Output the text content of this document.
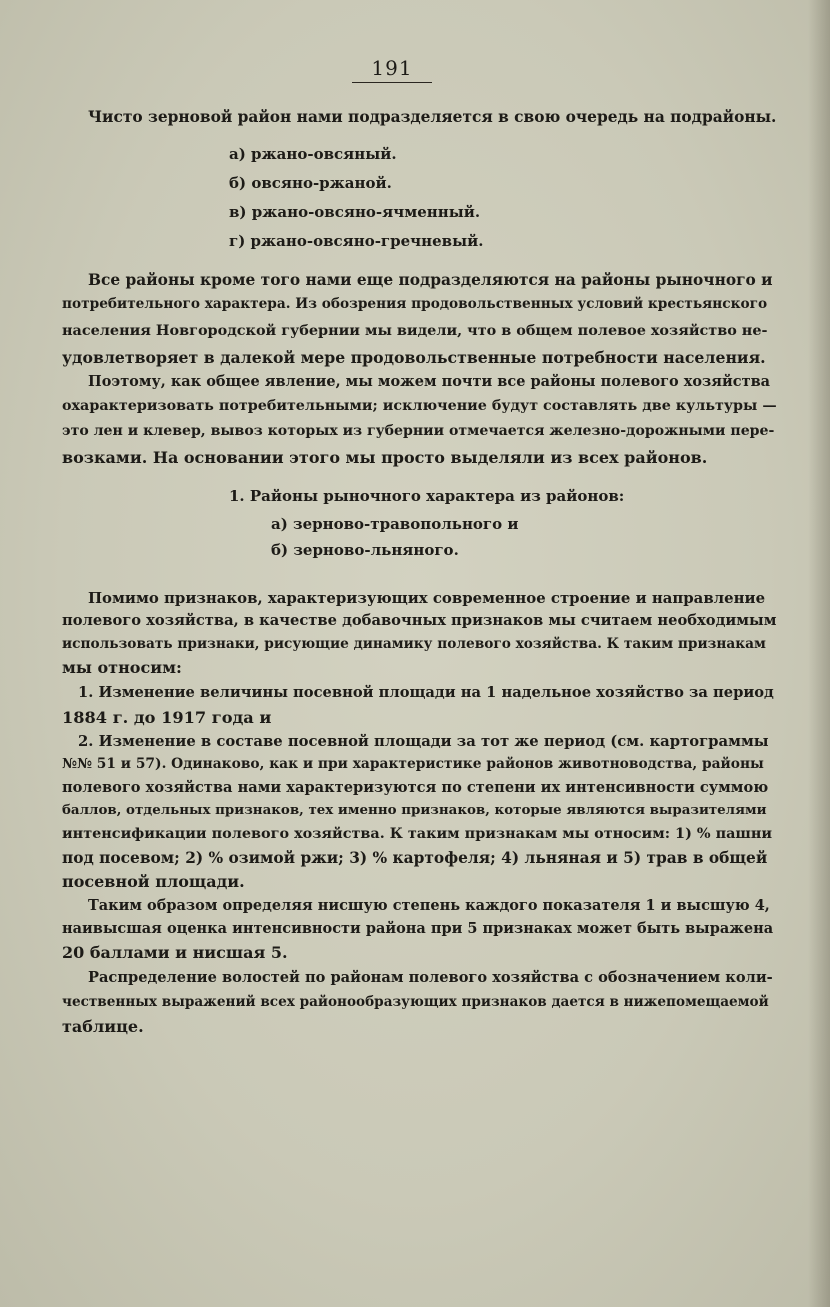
191
Чисто зерновой район нами подразделяется в свою очередь на подрайоны.
а) ржано-овсяный.
б) овсяно-ржаной.
в) ржано-овсяно-ячменный.
г) ржано-овсяно-гречневый.
Все районы кроме того нами еще подразделяются на районы рыночного и
потребительного характера. Из обозрения продовольственных условий крестьянского
населения Новгородской губернии мы видели, что в общем полевое хозяйство не-
удовлетворяет в далекой мере продовольственные потребности населения.
Поэтому, как общее явление, мы можем почти все районы полевого хозяйства
охарактеризовать потребительными; исключение будут составлять две культуры —
это лен и клевер, вывоз которых из губернии отмечается железно-дорожными пере-
возками. На основании этого мы просто выделяли из всех районов.
1. Районы рыночного характера из районов:
а) зерново-травопольного и
б) зерново-льняного.
Помимо признаков, характеризующих современное строение и направление
полевого хозяйства, в качестве добавочных признаков мы считаем необходимым
использовать признаки, рисующие динамику полевого хозяйства. К таким признакам
мы относим:
1. Изменение величины посевной площади на 1 надельное хозяйство за период
1884 г. до 1917 года и
2. Изменение в составе посевной площади за тот же период (см. картограммы
№№ 51 и 57). Одинаково, как и при характеристике районов животноводства, районы
полевого хозяйства нами характеризуются по степени их интенсивности суммою
баллов, отдельных признаков, тех именно признаков, которые являются выразителями
интенсификации полевого хозяйства. К таким признакам мы относим: 1) % пашни
под посевом; 2) % озимой ржи; 3) % картофеля; 4) льняная и 5) трав в общей
посевной площади.
Таким образом определяя нисшую степень каждого показателя 1 и высшую 4,
наивысшая оценка интенсивности района при 5 признаках может быть выражена
20 баллами и нисшая 5.
Распределение волостей по районам полевого хозяйства с обозначением коли-
чественных выражений всех районообразующих признаков дается в нижепомещаемой
таблице.
